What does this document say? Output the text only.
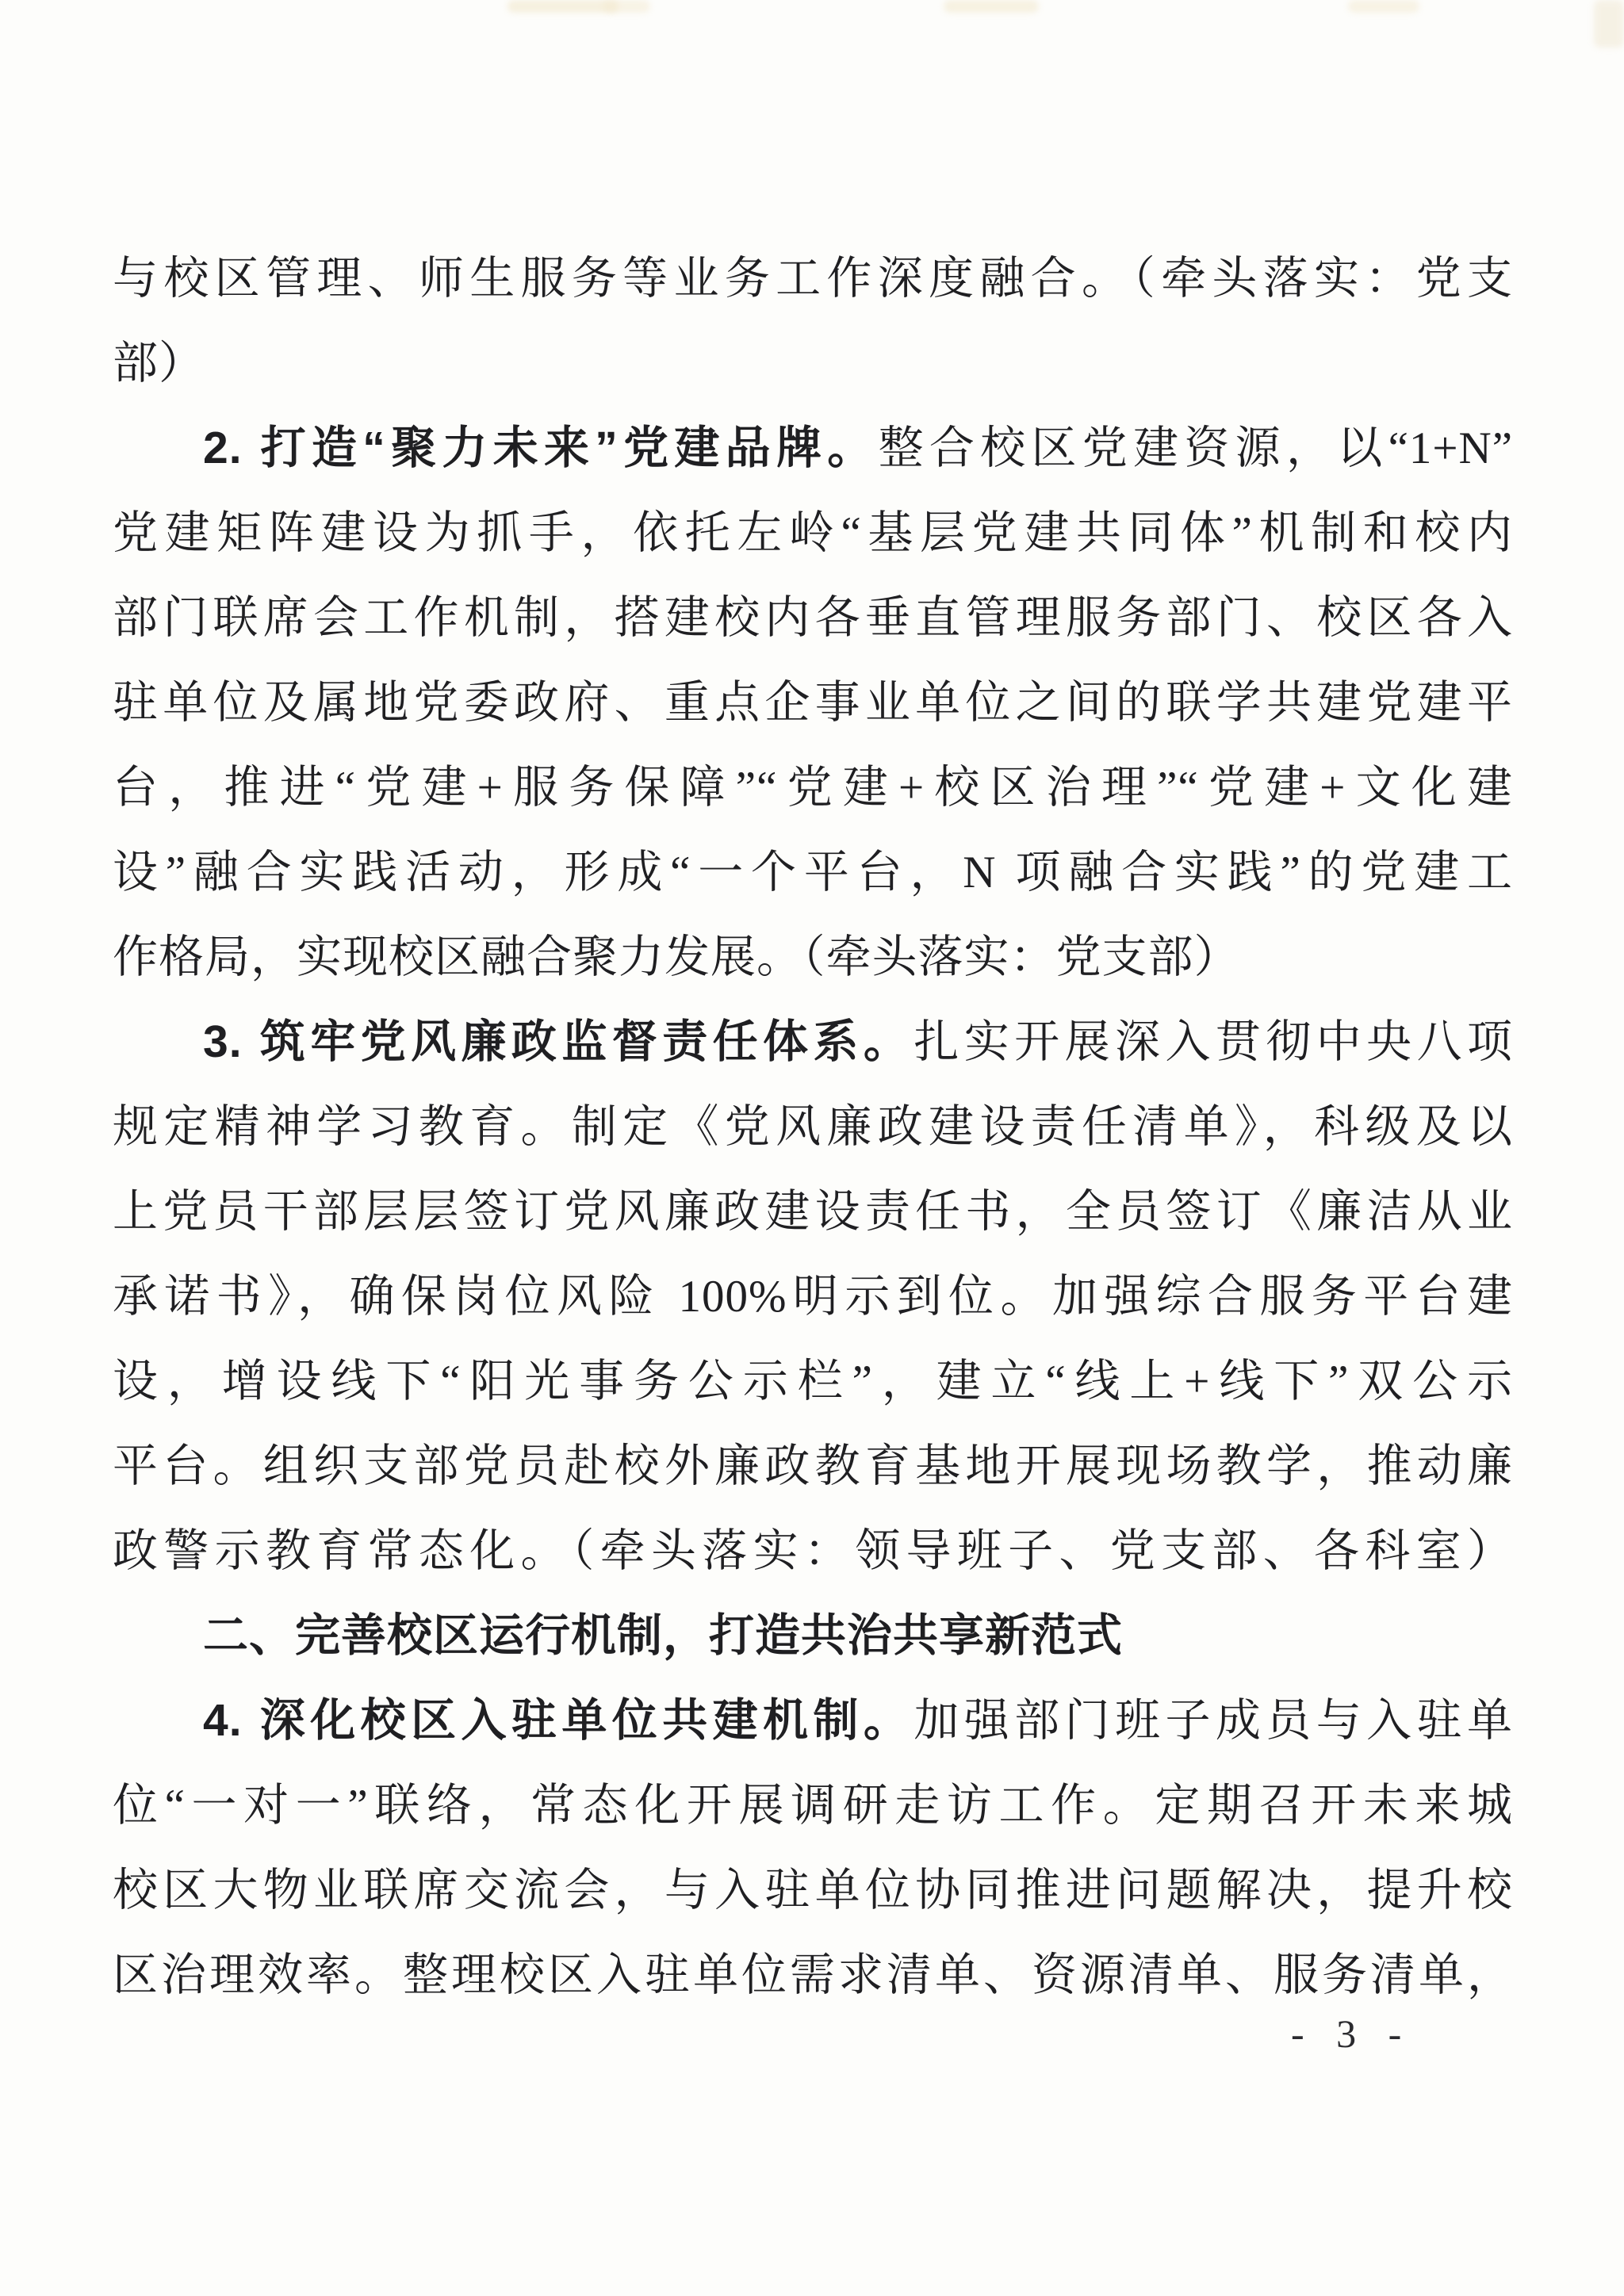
与校区管理、师生服务等业务工作深度融合。（牵头落实：党支
部）
2. 打造“聚力未来”党建品牌。整合校区党建资源，以“1+N”
党建矩阵建设为抓手，依托左岭“基层党建共同体”机制和校内
部门联席会工作机制，搭建校内各垂直管理服务部门、校区各入
驻单位及属地党委政府、重点企事业单位之间的联学共建党建平
台，推进“党建+服务保障”“党建+校区治理”“党建+文化建
设”融合实践活动，形成“一个平台，N 项融合实践”的党建工
作格局，实现校区融合聚力发展。（牵头落实：党支部）
3. 筑牢党风廉政监督责任体系。扎实开展深入贯彻中央八项
规定精神学习教育。制定《党风廉政建设责任清单》，科级及以
上党员干部层层签订党风廉政建设责任书，全员签订《廉洁从业
承诺书》，确保岗位风险 100%明示到位。加强综合服务平台建
设，增设线下“阳光事务公示栏”，建立“线上+线下”双公示
平台。组织支部党员赴校外廉政教育基地开展现场教学，推动廉
政警示教育常态化。（牵头落实：领导班子、党支部、各科室）
二、完善校区运行机制，打造共治共享新范式
4. 深化校区入驻单位共建机制。加强部门班子成员与入驻单
位“一对一”联络，常态化开展调研走访工作。定期召开未来城
校区大物业联席交流会，与入驻单位协同推进问题解决，提升校
区治理效率。整理校区入驻单位需求清单、资源清单、服务清单，
- 3 -
